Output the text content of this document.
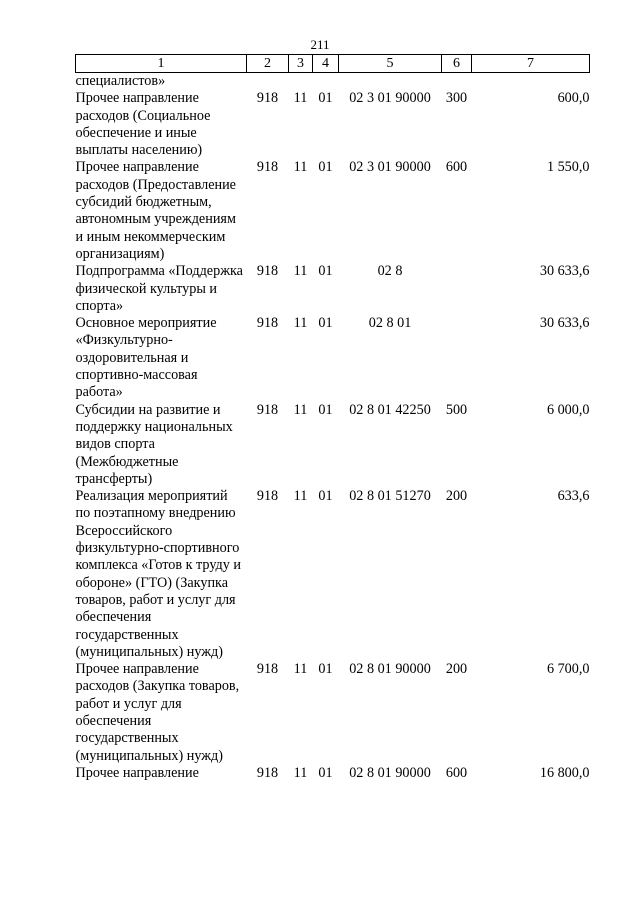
211
1	2	3	4	5	6	7
специалистов»						
Прочее направление расходов (Социальное обеспечение и иные выплаты населению)	918	11	01	02 3 01 90000	300	600,0
Прочее направление расходов (Предоставление субсидий бюджетным, автономным учреждениям и иным некоммерческим организациям)	918	11	01	02 3 01 90000	600	1 550,0
Подпрограмма «Поддержка физической культуры и спорта»	918	11	01	02 8		30 633,6
Основное мероприятие «Физкультурно-оздоровительная и спортивно-массовая работа»	918	11	01	02 8 01		30 633,6
Субсидии на развитие и поддержку национальных видов спорта (Межбюджетные трансферты)	918	11	01	02 8 01 42250	500	6 000,0
Реализация мероприятий по поэтапному внедрению Всероссийского физкультурно-спортивного комплекса «Готов к труду и обороне» (ГТО) (Закупка товаров, работ и услуг для обеспечения государственных (муниципальных) нужд)	918	11	01	02 8 01 51270	200	633,6
Прочее направление расходов (Закупка товаров, работ и услуг для обеспечения государственных (муниципальных) нужд)	918	11	01	02 8 01 90000	200	6 700,0
Прочее направление	918	11	01	02 8 01 90000	600	16 800,0
